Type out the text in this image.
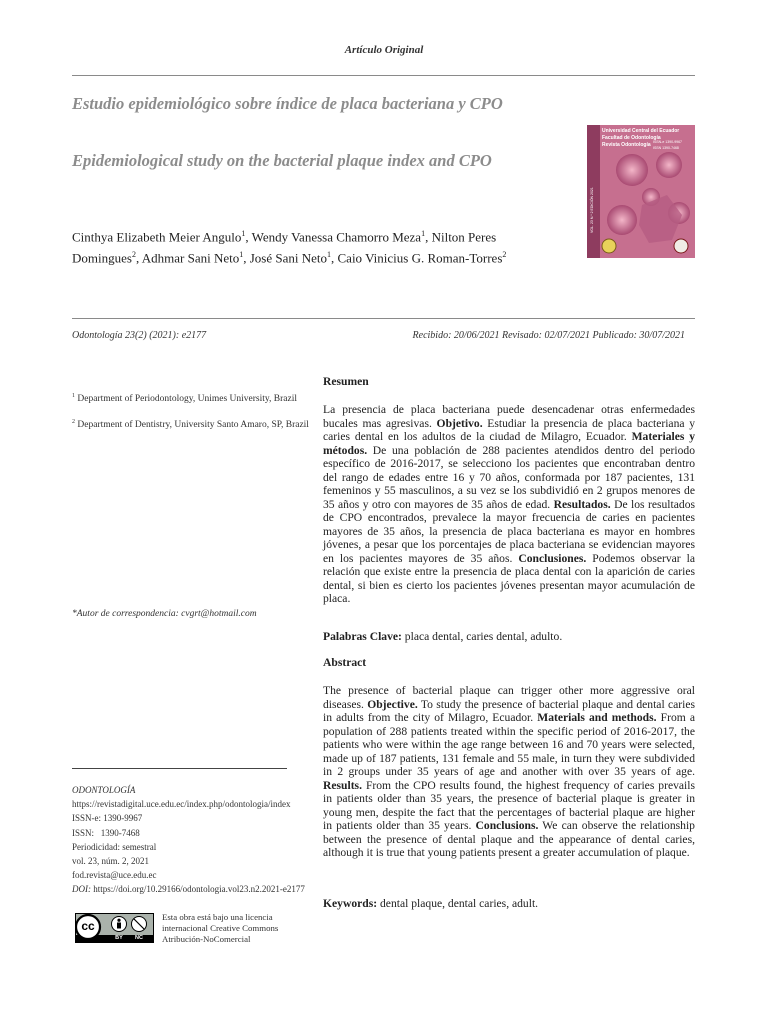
Artículo Original
Estudio epidemiológico sobre índice de placa bacteriana y CPO
Epidemiological study on the bacterial plaque index and CPO
Cinthya Elizabeth Meier Angulo$^1$, Wendy Vanessa Chamorro Meza$^1$, Nilton Peres Domingues$^2$, Adhmar Sani Neto$^1$, José Sani Neto$^1$, Caio Vinicius G. Roman-Torres$^2$
Universidad Central del Ecuador
Facultad de Odontología
Revista Odontología ISSN-e 1390-9967
ISSN 1390-7468
VOL. 23 N.º 2 EDICIÓN 2021
Odontología 23(2) (2021): e2177	Recibido: 20/06/2021 Revisado: 02/07/2021 Publicado: 30/07/2021
$^1$ Department of Periodontology, Unimes University, Brazil
$^2$ Department of Dentistry, University Santo Amaro, SP, Brazil
*Autor de correspondencia: cvgrt@hotmail.com
ODONTOLOGÍA
https://revistadigital.uce.edu.ec/index.php/odontologia/index
ISSN-e: 1390-9967
ISSN:   1390-7468
Periodicidad: semestral
vol. 23, núm. 2, 2021
fod.revista@uce.edu.ec
DOI: https://doi.org/10.29166/odontologia.vol23.n2.2021-e2177
cc
BY	NC
Esta obra está bajo una licencia internacional Creative Commons Atribución-NoComercial
Resumen
La presencia de placa bacteriana puede desencadenar otras enfermedades bucales mas agresivas. Objetivo. Estudiar la presencia de placa bacteriana y caries dental en los adultos de la ciudad de Milagro, Ecuador. Materiales y métodos. De una población de 288 pacientes atendidos dentro del periodo específico de 2016-2017, se selecciono los pacientes que encontraban dentro del rango de edades entre 16 y 70 años, conformada por 187 pacientes, 131 femeninos y 55 masculinos, a su vez se los subdividió en 2 grupos menores de 35 años y otro con mayores de 35 años de edad. Resultados. De los resultados de CPO encontrados, prevalece la mayor frecuencia de caries en pacientes mayores de 35 años, la presencia de placa bacteriana es mayor en hombres jóvenes, a pesar que los porcentajes de placa bacteriana se evidencian mayores en los pacientes mayores de 35 años. Conclusiones. Podemos observar la relación que existe entre la presencia de placa dental con la aparición de caries dental, si bien es cierto los pacientes jóvenes presentan mayor acumulación de placa.
Palabras Clave: placa dental, caries dental, adulto.
Abstract
The presence of bacterial plaque can trigger other more aggressive oral diseases. Objective. To study the presence of bacterial plaque and dental caries in adults from the city of Milagro, Ecuador. Materials and methods. From a population of 288 patients treated within the specific period of 2016-2017, the patients who were within the age range between 16 and 70 years were selected, made up of 187 patients, 131 female and 55 male, in turn they were subdivided in 2 groups under 35 years of age and another with over 35 years of age. Results. From the CPO results found, the highest frequency of caries prevails in patients older than 35 years, the presence of bacterial plaque is greater in young men, despite the fact that the percentages of bacterial plaque are higher in patients older than 35 years. Conclusions. We can observe the relationship between the presence of dental plaque and the appearance of dental caries, although it is true that young patients present a greater accumulation of plaque.
Keywords: dental plaque, dental caries, adult.
